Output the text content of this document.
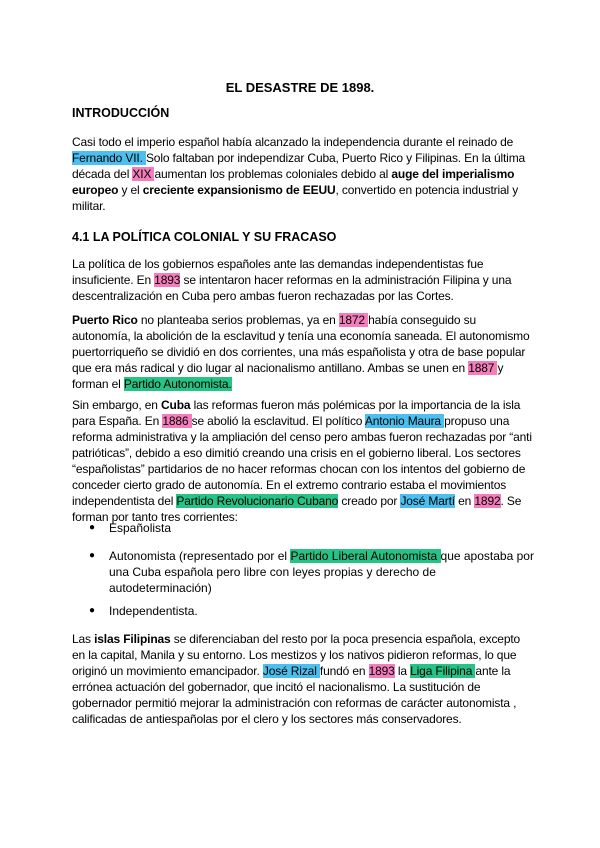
EL DESASTRE DE 1898.
INTRODUCCIÓN

Casi todo el imperio español había alcanzado la independencia durante el reinado de Fernando VII. Solo faltaban por independizar Cuba, Puerto Rico y Filipinas. En la última década del XIX aumentan los problemas coloniales debido al auge del imperialismo europeo y el creciente expansionismo de EEUU, convertido en potencia industrial y militar.

4.1 LA POLÍTICA COLONIAL Y SU FRACASO

La política de los gobiernos españoles ante las demandas independentistas fue insuficiente. En 1893 se intentaron hacer reformas en la administración Filipina y una descentralización en Cuba pero ambas fueron rechazadas por las Cortes.

Puerto Rico no planteaba serios problemas, ya en 1872 había conseguido su autonomía, la abolición de la esclavitud y tenía una economía saneada. El autonomismo puertorriqueño se dividió en dos corrientes, una más españolista y otra de base popular que era más radical y dio lugar al nacionalismo antillano. Ambas se unen en 1887 y forman el Partido Autonomista.

Sin embargo, en Cuba las reformas fueron más polémicas por la importancia de la isla para España. En 1886 se abolió la esclavitud. El político Antonio Maura propuso una reforma administrativa y la ampliación del censo pero ambas fueron rechazadas por “anti patrióticas”, debido a eso dimitió creando una crisis en el gobierno liberal. Los sectores “españolistas” partidarios de no hacer reformas chocan con los intentos del gobierno de conceder cierto grado de autonomía. En el extremo contrario estaba el movimientos independentista del Partido Revolucionario Cubano creado por José Martí en 1892. Se forman por tanto tres corrientes:

● Españolista
● Autonomista (representado por el Partido Liberal Autonomista que apostaba por una Cuba española pero libre con leyes propias y derecho de autodeterminación)
● Independentista.

Las islas Filipinas se diferenciaban del resto por la poca presencia española, excepto en la capital, Manila y su entorno. Los mestizos y los nativos pidieron reformas, lo que originó un movimiento emancipador. José Rizal fundó en 1893 la Liga Filipina ante la errónea actuación del gobernador, que incitó el nacionalismo. La sustitución de gobernador permitió mejorar la administración con reformas de carácter autonomista , calificadas de antiespañolas por el clero y los sectores más conservadores.
